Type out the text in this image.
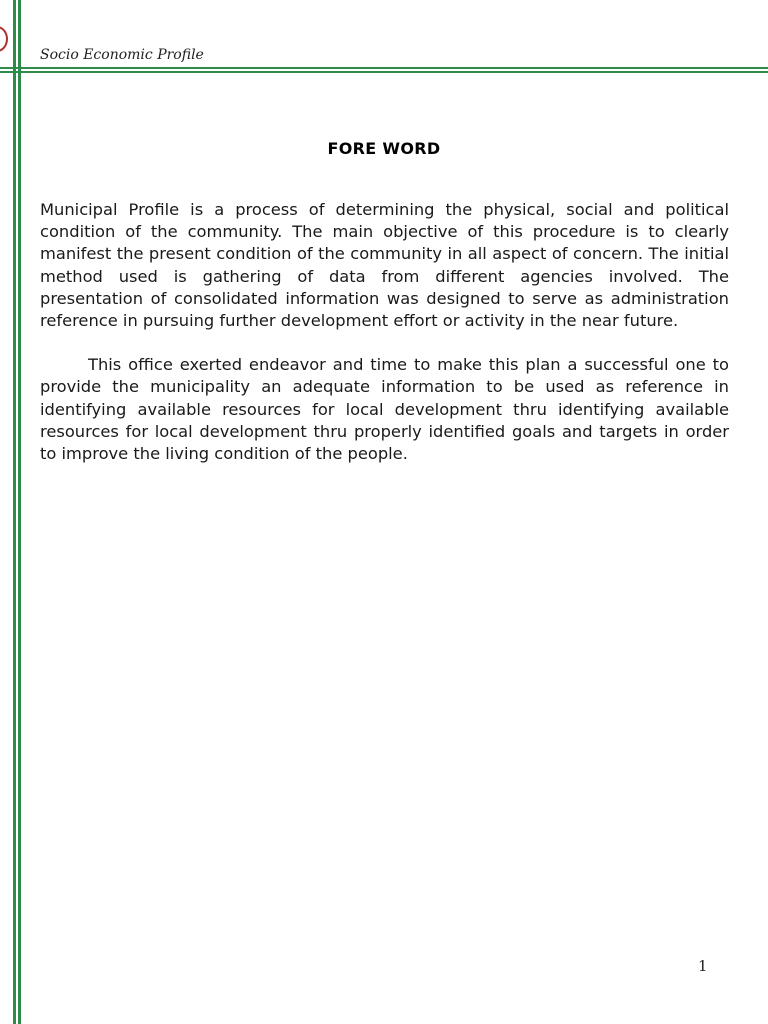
Socio Economic Profile
FORE WORD

Municipal Profile is a process of determining the physical, social and political condition of the community. The main objective of this procedure is to clearly manifest the present condition of the community in all aspect of concern. The initial method used is gathering of data from different agencies involved. The presentation of consolidated information was designed to serve as administration reference in pursuing further development effort or activity in the near future.

This office exerted endeavor and time to make this plan a successful one to provide the municipality an adequate information to be used as reference in identifying available resources for local development thru identifying available resources for local development thru properly identified goals and targets in order to improve the living condition of the people.

1
